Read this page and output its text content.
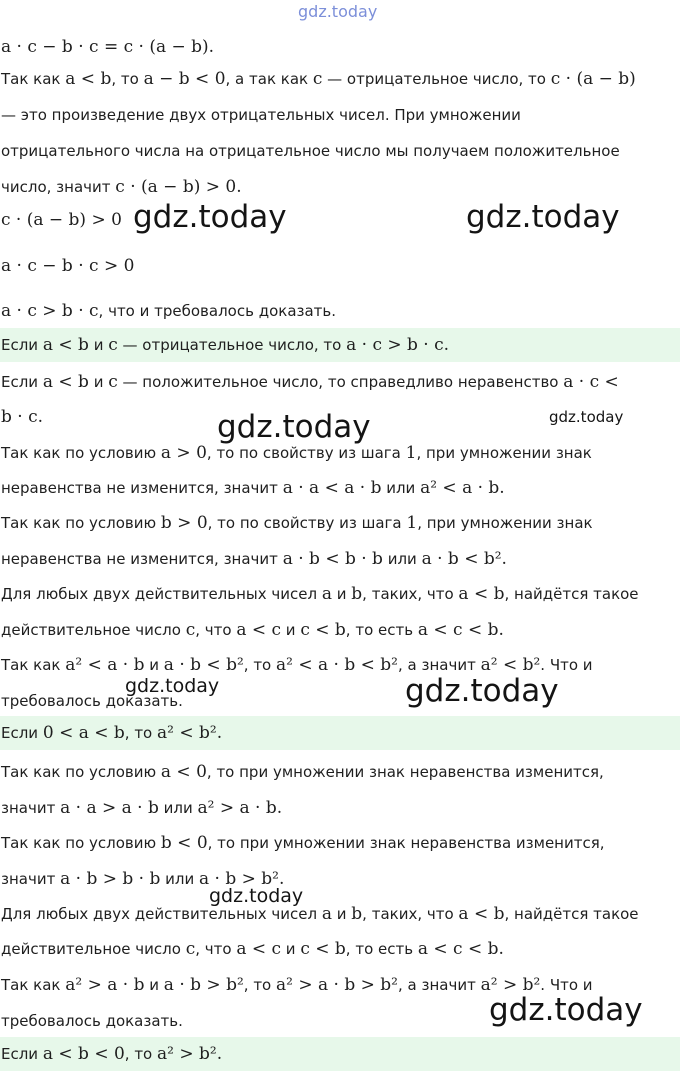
a · c − b · c = c · (a − b).
Так как a < b, то a − b < 0, а так как c — отрицательное число, то c · (a − b)
— это произведение двух отрицательных чисел. При умножении
отрицательного числа на отрицательное число мы получаем положительное
число, значит c · (a − b) > 0.
c · (a − b) > 0
a · c − b · c > 0
a · c > b · c, что и требовалось доказать.
Если a < b и c — отрицательное число, то a · c > b · c.
Если a < b и c — положительное число, то справедливо неравенство a · c <
b · c.
Так как по условию a > 0, то по свойству из шага 1, при умножении знак
неравенства не изменится, значит a · a < a · b или a² < a · b.
Так как по условию b > 0, то по свойству из шага 1, при умножении знак
неравенства не изменится, значит a · b < b · b или a · b < b².
Для любых двух действительных чисел a и b, таких, что a < b, найдётся такое
действительное число c, что a < c и c < b, то есть a < c < b.
Так как a² < a · b и a · b < b², то a² < a · b < b², а значит a² < b². Что и
требовалось доказать.
Если 0 < a < b, то a² < b².
Так как по условию a < 0, то при умножении знак неравенства изменится,
значит a · a > a · b или a² > a · b.
Так как по условию b < 0, то при умножении знак неравенства изменится,
значит a · b > b · b или a · b > b².
Для любых двух действительных чисел a и b, таких, что a < b, найдётся такое
действительное число c, что a < c и c < b, то есть a < c < b.
Так как a² > a · b и a · b > b², то a² > a · b > b², а значит a² > b². Что и
требовалось доказать.
Если a < b < 0, то a² > b².
gdz.today
gdz.today	gdz.today
gdz.today	gdz.today
gdz.today	gdz.today
gdz.today
gdz.today
